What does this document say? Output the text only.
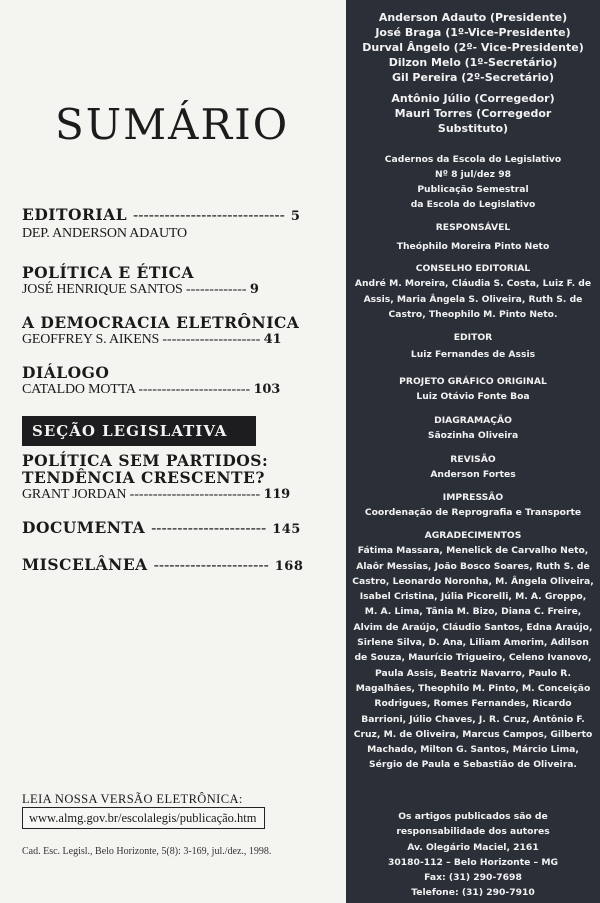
SUMÁRIO
EDITORIAL ----------------------------- 5
DEP. ANDERSON ADAUTO
POLÍTICA E ÉTICA
JOSÉ HENRIQUE SANTOS ------------- 9
A DEMOCRACIA ELETRÔNICA
GEOFFREY S. AIKENS --------------------- 41
DIÁLOGO
CATALDO MOTTA ------------------------ 103
SEÇÃO LEGISLATIVA
POLÍTICA SEM PARTIDOS:
TENDÊNCIA CRESCENTE?
GRANT JORDAN ---------------------------- 119
DOCUMENTA ---------------------- 145
MISCELÂNEA ---------------------- 168
LEIA NOSSA VERSÃO ELETRÔNICA:
www.almg.gov.br/escolalegis/publicação.htm
Cad. Esc. Legisl., Belo Horizonte, 5(8): 3-169, jul./dez., 1998.
Anderson Adauto (Presidente)
José Braga (1º-Vice-Presidente)
Durval Ângelo (2º- Vice-Presidente)
Dilzon Melo (1º-Secretário)
Gil Pereira (2º-Secretário)
Antônio Júlio (Corregedor)
Mauri Torres (Corregedor
Substituto)
Cadernos da Escola do Legislativo
Nº 8 jul/dez 98
Publicação Semestral
da Escola do Legislativo
RESPONSÁVEL
Theóphilo Moreira Pinto Neto
CONSELHO EDITORIAL
André M. Moreira, Cláudia S. Costa, Luiz F. de Assis, Maria Ângela S. Oliveira, Ruth S. de Castro, Theophilo M. Pinto Neto.
EDITOR
Luiz Fernandes de Assis
PROJETO GRÁFICO ORIGINAL
Luiz Otávio Fonte Boa
DIAGRAMAÇÃO
Sãozinha Oliveira
REVISÃO
Anderson Fortes
IMPRESSÃO
Coordenação de Reprografia e Transporte
AGRADECIMENTOS
Fátima Massara, Menelick de Carvalho Neto, Alaôr Messias, João Bosco Soares, Ruth S. de Castro, Leonardo Noronha, M. Ângela Oliveira, Isabel Cristina, Júlia Picorelli, M. A. Groppo, M. A. Lima, Tânia M. Bizo, Diana C. Freire, Alvim de Araújo, Cláudio Santos, Edna Araújo, Sirlene Silva, D. Ana, Liliam Amorim, Adilson de Souza, Maurício Trigueiro, Celeno Ivanovo, Paula Assis, Beatriz Navarro, Paulo R. Magalhães, Theophilo M. Pinto, M. Conceição Rodrigues, Romes Fernandes, Ricardo Barrioni, Júlio Chaves, J. R. Cruz, Antônio F. Cruz, M. de Oliveira, Marcus Campos, Gilberto Machado, Milton G. Santos, Márcio Lima, Sérgio de Paula e Sebastião de Oliveira.
Os artigos publicados são de
responsabilidade dos autores
Av. Olegário Maciel, 2161
30180-112 – Belo Horizonte – MG
Fax: (31) 290-7698
Telefone: (31) 290-7910
